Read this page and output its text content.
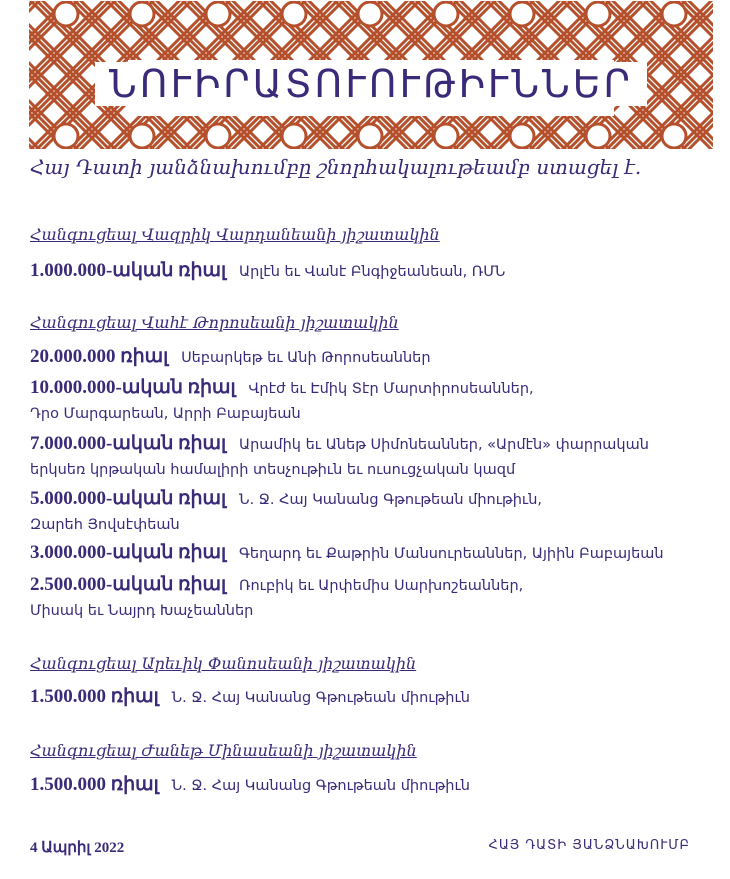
ՆՈՒԻՐԱՏՈՒՈՒԹԻՒՆՆԵՐ
Հայ Դատի յանձնախումբը շնորհակալութեամբ ստացել է.
Հանգուցեալ Վազրիկ Վարդանեանի յիշատակին
1.000.000-ական ռիալ Արլէն եւ Վանէ Բնգիջեանեան, ՌՄՆ
Հանգուցեալ Վաhէ Թորոսեանի յիշատակին
20.000.000 ռիալ Սեբարկեթ եւ Անի Թորոսեաններ
10.000.000-ական ռիալ Վրէժ եւ Էմիկ Տէր Մարտիրոսեաններ,
Դրօ Մարգարեան, Արրի Բաբայեան
7.000.000-ական ռիալ Արամիկ եւ Անեթ Սիմոնեաններ, «Արմէն» փարրական
երկսեռ կրթական համալիրի տեսչութիւն եւ ուսուցչական կազմ
5.000.000-ական ռիալ Ն. Ջ. Հայ Կանանց Գթութեան միութիւն,
Զարեհ Յովսէփեան
3.000.000-ական ռիալ Գեղարդ եւ Քաթրին Մանսուրեաններ, Այիին Բաբայեան
2.500.000-ական ռիալ Ռուբիկ եւ Արփեմիս Սարխոշեաններ,
Միսակ եւ Նայրդ Խաչեաններ
Հանգուցեալ Արեւիկ Փանոսեանի յիշատակին
1.500.000 ռիալ Ն. Ջ. Հայ Կանանց Գթութեան միութիւն
Հանգուցեալ Ժանեթ Մինասեանի յիշատակին
1.500.000 ռիալ Ն. Ջ. Հայ Կանանց Գթութեան միութիւն
4 Ապրիլ 2022	ՀԱՅ ԴԱՏԻ ՅԱՆՁՆԱԽՈՒՄԲ
